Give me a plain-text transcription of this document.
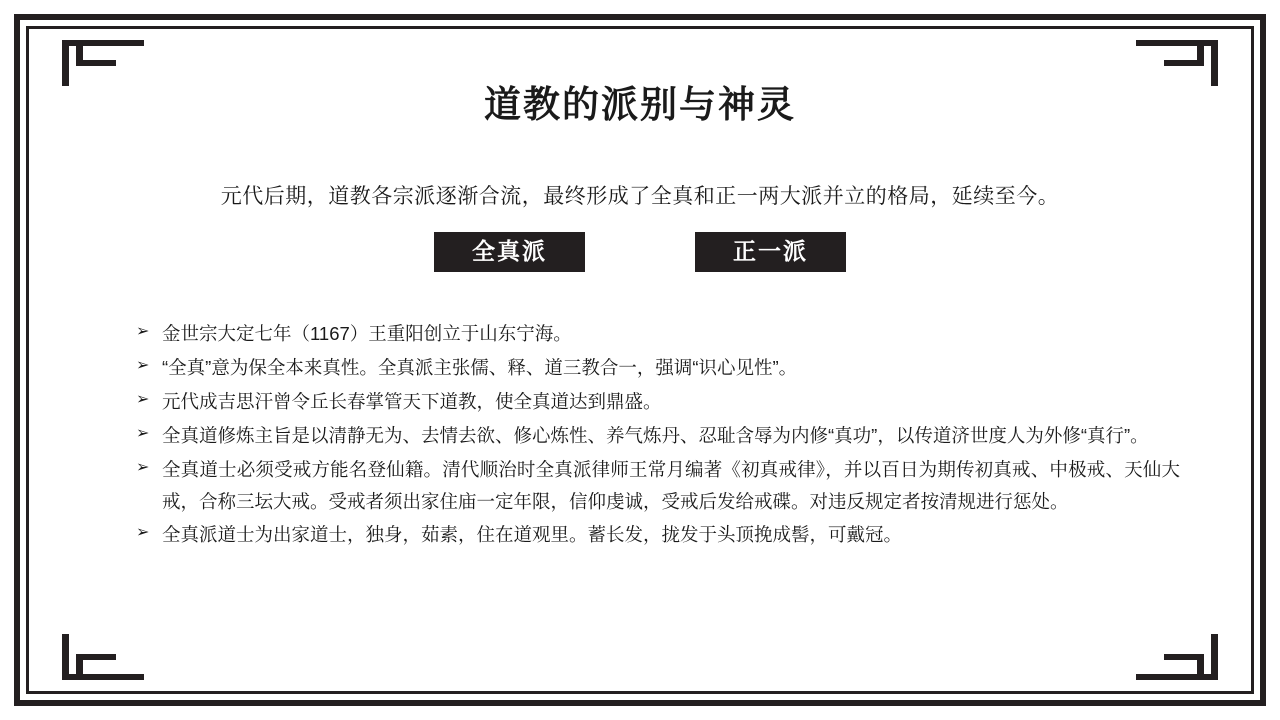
道教的派别与神灵
元代后期，道教各宗派逐渐合流，最终形成了全真和正一两大派并立的格局，延续至今。
全真派	正一派
➢ 金世宗大定七年（1167）王重阳创立于山东宁海。
➢ “全真”意为保全本来真性。全真派主张儒、释、道三教合一，强调“识心见性”。
➢ 元代成吉思汗曾令丘长春掌管天下道教，使全真道达到鼎盛。
➢ 全真道修炼主旨是以清静无为、去情去欲、修心炼性、养气炼丹、忍耻含辱为内修“真功”，以传道济世度人为外修“真行”。
➢ 全真道士必须受戒方能名登仙籍。清代顺治时全真派律师王常月编著《初真戒律》，并以百日为期传初真戒、中极戒、天仙大戒，合称三坛大戒。受戒者须出家住庙一定年限，信仰虔诚，受戒后发给戒碟。对违反规定者按清规进行惩处。
➢ 全真派道士为出家道士，独身，茹素，住在道观里。蓄长发，拢发于头顶挽成髻，可戴冠。
